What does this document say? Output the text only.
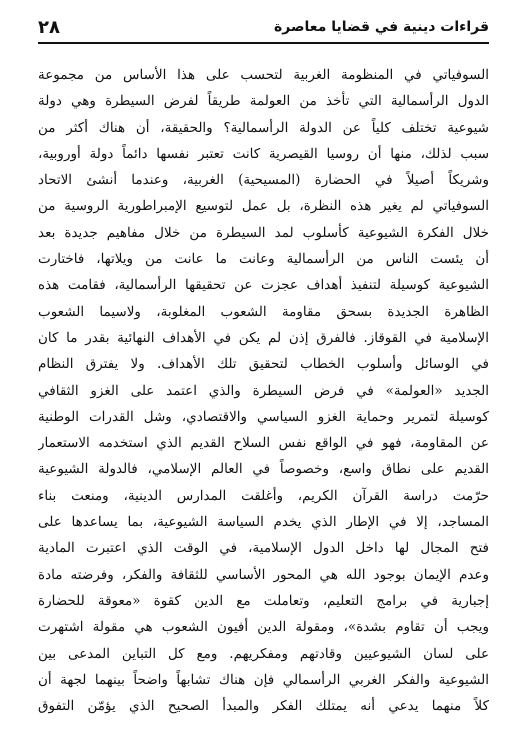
٢٨	قراءات دينية في قضايا معاصرة
السوفياتي في المنظومة الغربية لتحسب على هذا الأساس من مجموعة
الدول الرأسمالية التي تأخذ من العولمة طريقاً لفرض السيطرة وهي دولة
شيوعية تختلف كلياً عن الدولة الرأسمالية؟ والحقيقة، أن هناك أكثر من
سبب لذلك، منها أن روسيا القيصرية كانت تعتبر نفسها دائماً دولة أوروبية،
وشريكاً أصيلاً في الحضارة (المسيحية) الغربية، وعندما أنشئ الاتحاد
السوفياتي لم يغير هذه النظرة، بل عمل لتوسيع الإمبراطورية الروسية من
خلال الفكرة الشيوعية كأسلوب لمد السيطرة من خلال مفاهيم جديدة بعد
أن يئست الناس من الرأسمالية وعانت ما عانت من ويلاتها، فاختارت
الشيوعية كوسيلة لتنفيذ أهداف عجزت عن تحقيقها الرأسمالية، فقامت هذه
الظاهرة الجديدة بسحق مقاومة الشعوب المغلوبة، ولاسيما الشعوب
الإسلامية في القوقاز. فالفرق إذن لم يكن في الأهداف النهائية بقدر ما كان
في الوسائل وأسلوب الخطاب لتحقيق تلك الأهداف. ولا يفترق النظام
الجديد «العولمة» في فرض السيطرة والذي اعتمد على الغزو الثقافي
كوسيلة لتمرير وحماية الغزو السياسي والاقتصادي، وشل القدرات الوطنية
عن المقاومة، فهو في الواقع نفس السلاح القديم الذي استخدمه الاستعمار
القديم على نطاق واسع، وخصوصاً في العالم الإسلامي، فالدولة الشيوعية
حرّمت دراسة القرآن الكريم، وأغلقت المدارس الدينية، ومنعت بناء
المساجد، إلا في الإطار الذي يخدم السياسة الشيوعية، بما يساعدها على
فتح المجال لها داخل الدول الإسلامية، في الوقت الذي اعتبرت المادية
وعدم الإيمان بوجود الله هي المحور الأساسي للثقافة والفكر، وفرضته مادة
إجبارية في برامج التعليم، وتعاملت مع الدين كقوة «معوقة للحضارة
ويجب أن تقاوم بشدة»، ومقولة الدين أفيون الشعوب هي مقولة اشتهرت
على لسان الشيوعيين وقادتهم ومفكريهم. ومع كل التباين المدعى بين
الشيوعية والفكر الغربي الرأسمالي فإن هناك تشابهاً واضحاً بينهما لجهة أن
كلاً منهما يدعي أنه يمتلك الفكر والمبدأ الصحيح الذي يؤمّن التفوق
